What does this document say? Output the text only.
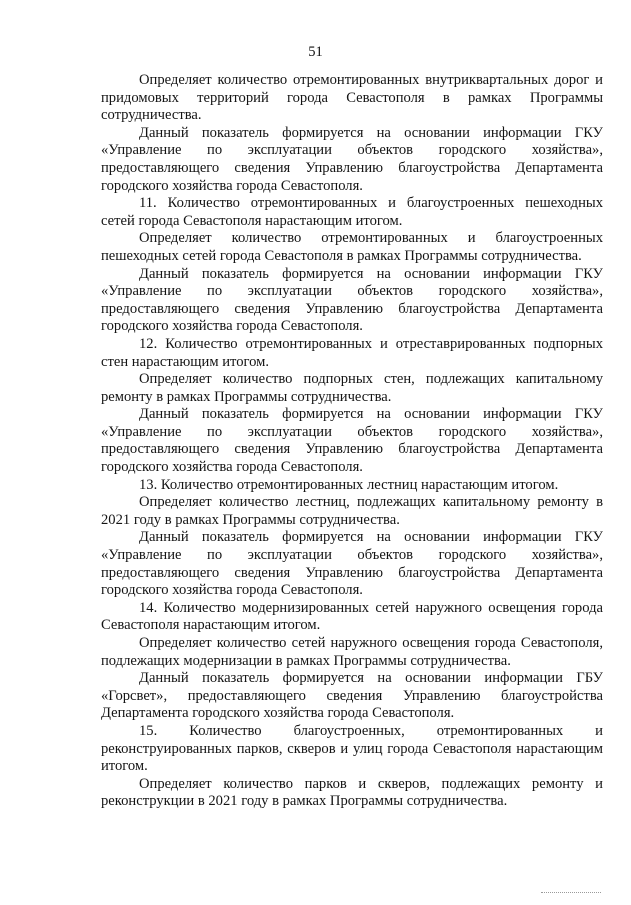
51

Определяет количество отремонтированных внутриквартальных дорог и придомовых территорий города Севастополя в рамках Программы сотрудничества.

Данный показатель формируется на основании информации ГКУ «Управление по эксплуатации объектов городского хозяйства», предоставляющего сведения Управлению благоустройства Департамента городского хозяйства города Севастополя.

11. Количество отремонтированных и благоустроенных пешеходных сетей города Севастополя нарастающим итогом.

Определяет количество отремонтированных и благоустроенных пешеходных сетей города Севастополя в рамках Программы сотрудничества.

Данный показатель формируется на основании информации ГКУ «Управление по эксплуатации объектов городского хозяйства», предоставляющего сведения Управлению благоустройства Департамента городского хозяйства города Севастополя.

12. Количество отремонтированных и отреставрированных подпорных стен нарастающим итогом.

Определяет количество подпорных стен, подлежащих капитальному ремонту в рамках Программы сотрудничества.

Данный показатель формируется на основании информации ГКУ «Управление по эксплуатации объектов городского хозяйства», предоставляющего сведения Управлению благоустройства Департамента городского хозяйства города Севастополя.

13. Количество отремонтированных лестниц нарастающим итогом.

Определяет количество лестниц, подлежащих капитальному ремонту в 2021 году в рамках Программы сотрудничества.

Данный показатель формируется на основании информации ГКУ «Управление по эксплуатации объектов городского хозяйства», предоставляющего сведения Управлению благоустройства Департамента городского хозяйства города Севастополя.

14. Количество модернизированных сетей наружного освещения города Севастополя нарастающим итогом.

Определяет количество сетей наружного освещения города Севастополя, подлежащих модернизации в рамках Программы сотрудничества.

Данный показатель формируется на основании информации ГБУ «Горсвет», предоставляющего сведения Управлению благоустройства Департамента городского хозяйства города Севастополя.

15. Количество благоустроенных, отремонтированных и реконструированных парков, скверов и улиц города Севастополя нарастающим итогом.

Определяет количество парков и скверов, подлежащих ремонту и реконструкции в 2021 году в рамках Программы сотрудничества.
